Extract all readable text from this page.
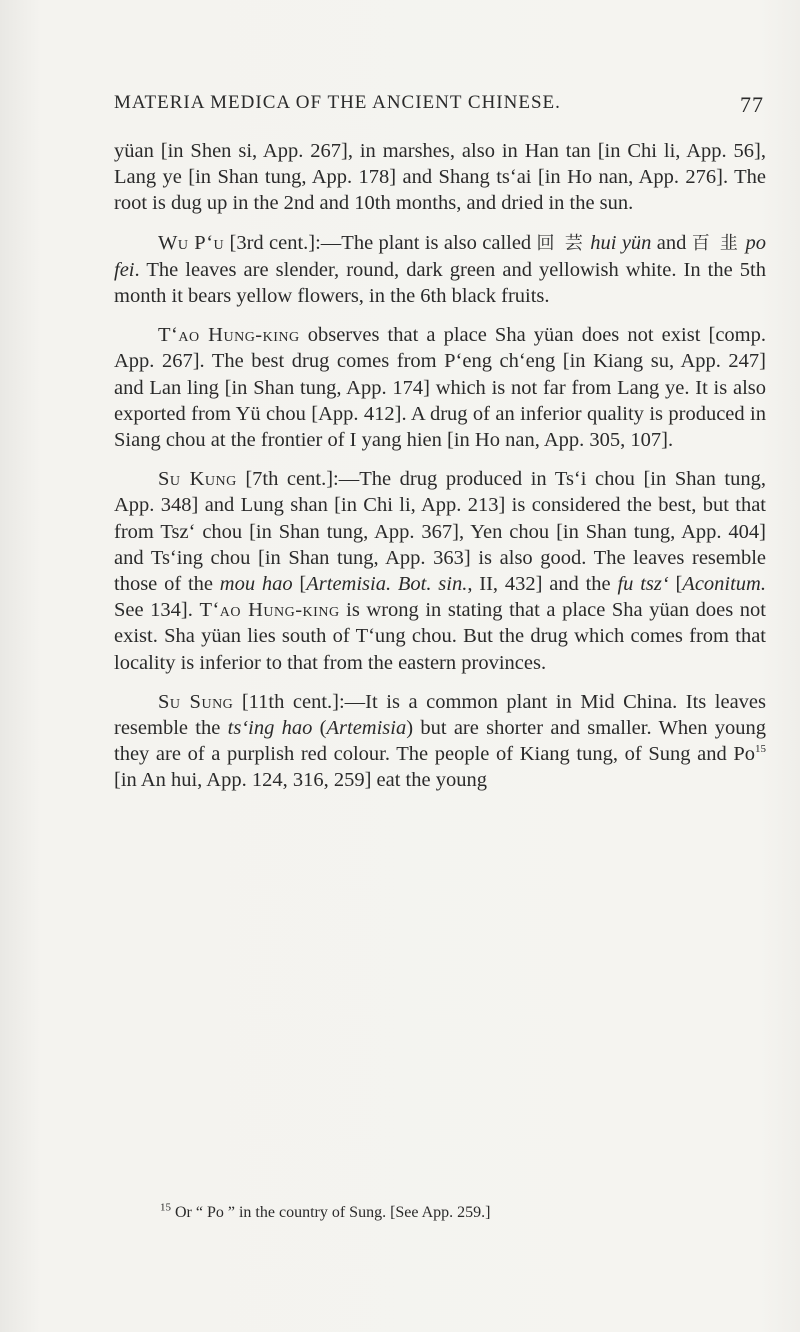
MATERIA MEDICA OF THE ANCIENT CHINESE.	77

yüan [in Shen si, App. 267], in marshes, also in Han tan [in Chi li, App. 56], Lang ye [in Shan tung, App. 178] and Shang ts‘ai [in Ho nan, App. 276]. The root is dug up in the 2nd and 10th months, and dried in the sun.

Wu P‘u [3rd cent.]:—The plant is also called 回 芸 hui yün and 百 韭 po fei. The leaves are slender, round, dark green and yellowish white. In the 5th month it bears yellow flowers, in the 6th black fruits.

T‘ao Hung-king observes that a place Sha yüan does not exist [comp. App. 267]. The best drug comes from P‘eng ch‘eng [in Kiang su, App. 247] and Lan ling [in Shan tung, App. 174] which is not far from Lang ye. It is also exported from Yü chou [App. 412]. A drug of an inferior quality is produced in Siang chou at the frontier of I yang hien [in Ho nan, App. 305, 107].

Su Kung [7th cent.]:—The drug produced in Ts‘i chou [in Shan tung, App. 348] and Lung shan [in Chi li, App. 213] is considered the best, but that from Tsz‘ chou [in Shan tung, App. 367], Yen chou [in Shan tung, App. 404] and Ts‘ing chou [in Shan tung, App. 363] is also good. The leaves resemble those of the mou hao [Artemisia. Bot. sin., II, 432] and the fu tsz‘ [Aconitum. See 134]. T‘ao Hung-king is wrong in stating that a place Sha yüan does not exist. Sha yüan lies south of T‘ung chou. But the drug which comes from that locality is inferior to that from the eastern provinces.

Su Sung [11th cent.]:—It is a common plant in Mid China. Its leaves resemble the ts‘ing hao (Artemisia) but are shorter and smaller. When young they are of a purplish red colour. The people of Kiang tung, of Sung and Po$^{15}$ [in An hui, App. 124, 316, 259] eat the young

$^{15}$ Or “ Po ” in the country of Sung. [See App. 259.]
